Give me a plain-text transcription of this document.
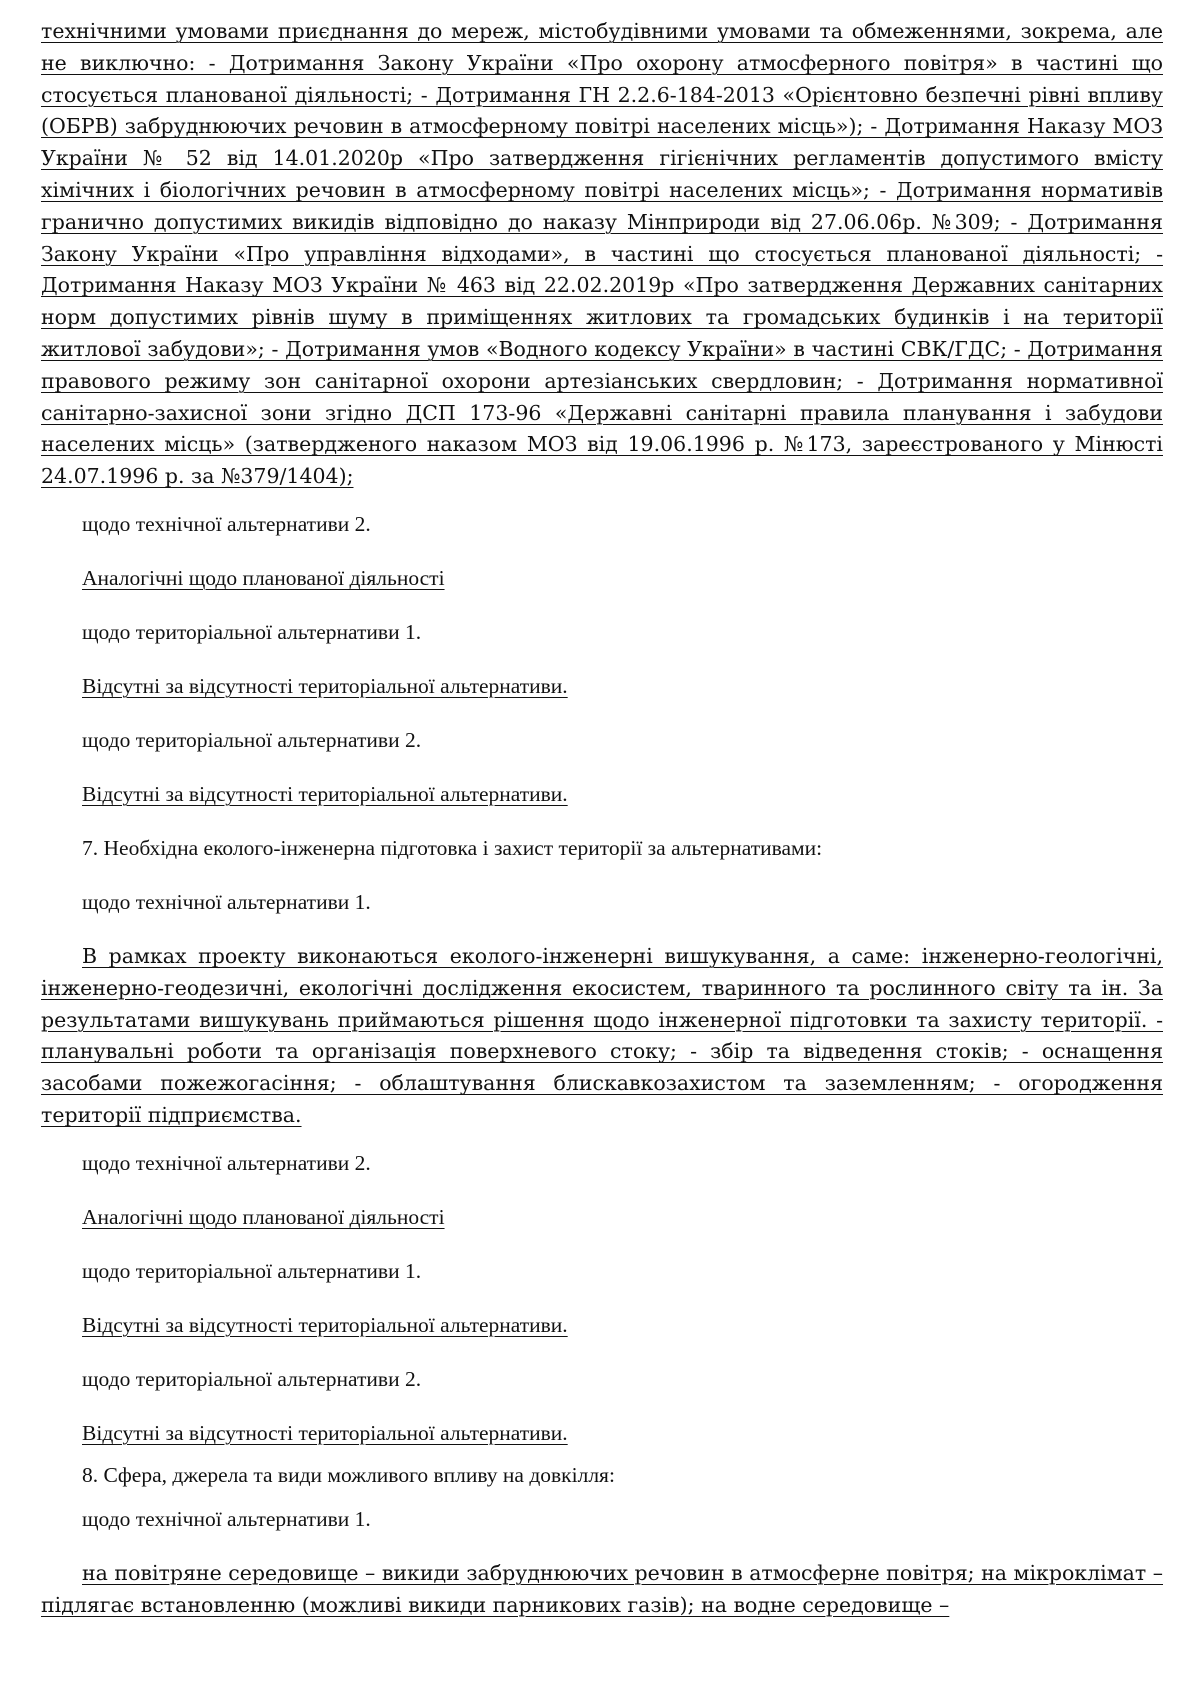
технічними умовами приєднання до мереж, містобудівними умовами та обмеженнями, зокрема, але не виключно: - Дотримання Закону України «Про охорону атмосферного повітря» в частині що стосується планованої діяльності; - Дотримання ГН 2.2.6-184-2013 «Орієнтовно безпечні рівні впливу (ОБРВ) забруднюючих речовин в атмосферному повітрі населених місць»); - Дотримання Наказу МОЗ України № 52 від 14.01.2020р «Про затвердження гігієнічних регламентів допустимого вмісту хімічних і біологічних речовин в атмосферному повітрі населених місць»; - Дотримання нормативів гранично допустимих викидів відповідно до наказу Мінприроди від 27.06.06р. №309; - Дотримання Закону України «Про управління відходами», в частині що стосується планованої діяльності; - Дотримання Наказу МОЗ України № 463 від 22.02.2019р «Про затвердження Державних санітарних норм допустимих рівнів шуму в приміщеннях житлових та громадських будинків і на території житлової забудови»; - Дотримання умов «Водного кодексу України» в частині СВК/ГДС; - Дотримання правового режиму зон санітарної охорони артезіанських свердловин; - Дотримання нормативної санітарно-захисної зони згідно ДСП 173-96 «Державні санітарні правила планування і забудови населених місць» (затвердженого наказом МОЗ від 19.06.1996 р. №173, зареєстрованого у Мінюсті 24.07.1996 р. за №379/1404);

щодо технічної альтернативи 2.

Аналогічні щодо планованої діяльності

щодо територіальної альтернативи 1.

Відсутні за відсутності територіальної альтернативи.

щодо територіальної альтернативи 2.

Відсутні за відсутності територіальної альтернативи.

7. Необхідна еколого-інженерна підготовка і захист території за альтернативами:

щодо технічної альтернативи 1.

В рамках проекту виконаються еколого-інженерні вишукування, а саме: інженерно-геологічні, інженерно-геодезичні, екологічні дослідження екосистем, тваринного та рослинного світу та ін. За результатами вишукувань приймаються рішення щодо інженерної підготовки та захисту території. - планувальні роботи та організація поверхневого стоку; - збір та відведення стоків; - оснащення засобами пожежогасіння; - облаштування блискавкозахистом та заземленням; - огородження території підприємства.

щодо технічної альтернативи 2.

Аналогічні щодо планованої діяльності

щодо територіальної альтернативи 1.

Відсутні за відсутності територіальної альтернативи.

щодо територіальної альтернативи 2.

Відсутні за відсутності територіальної альтернативи.

8. Сфера, джерела та види можливого впливу на довкілля:

щодо технічної альтернативи 1.

на повітряне середовище – викиди забруднюючих речовин в атмосферне повітря; на мікроклімат – підлягає встановленню (можливі викиди парникових газів); на водне середовище –
